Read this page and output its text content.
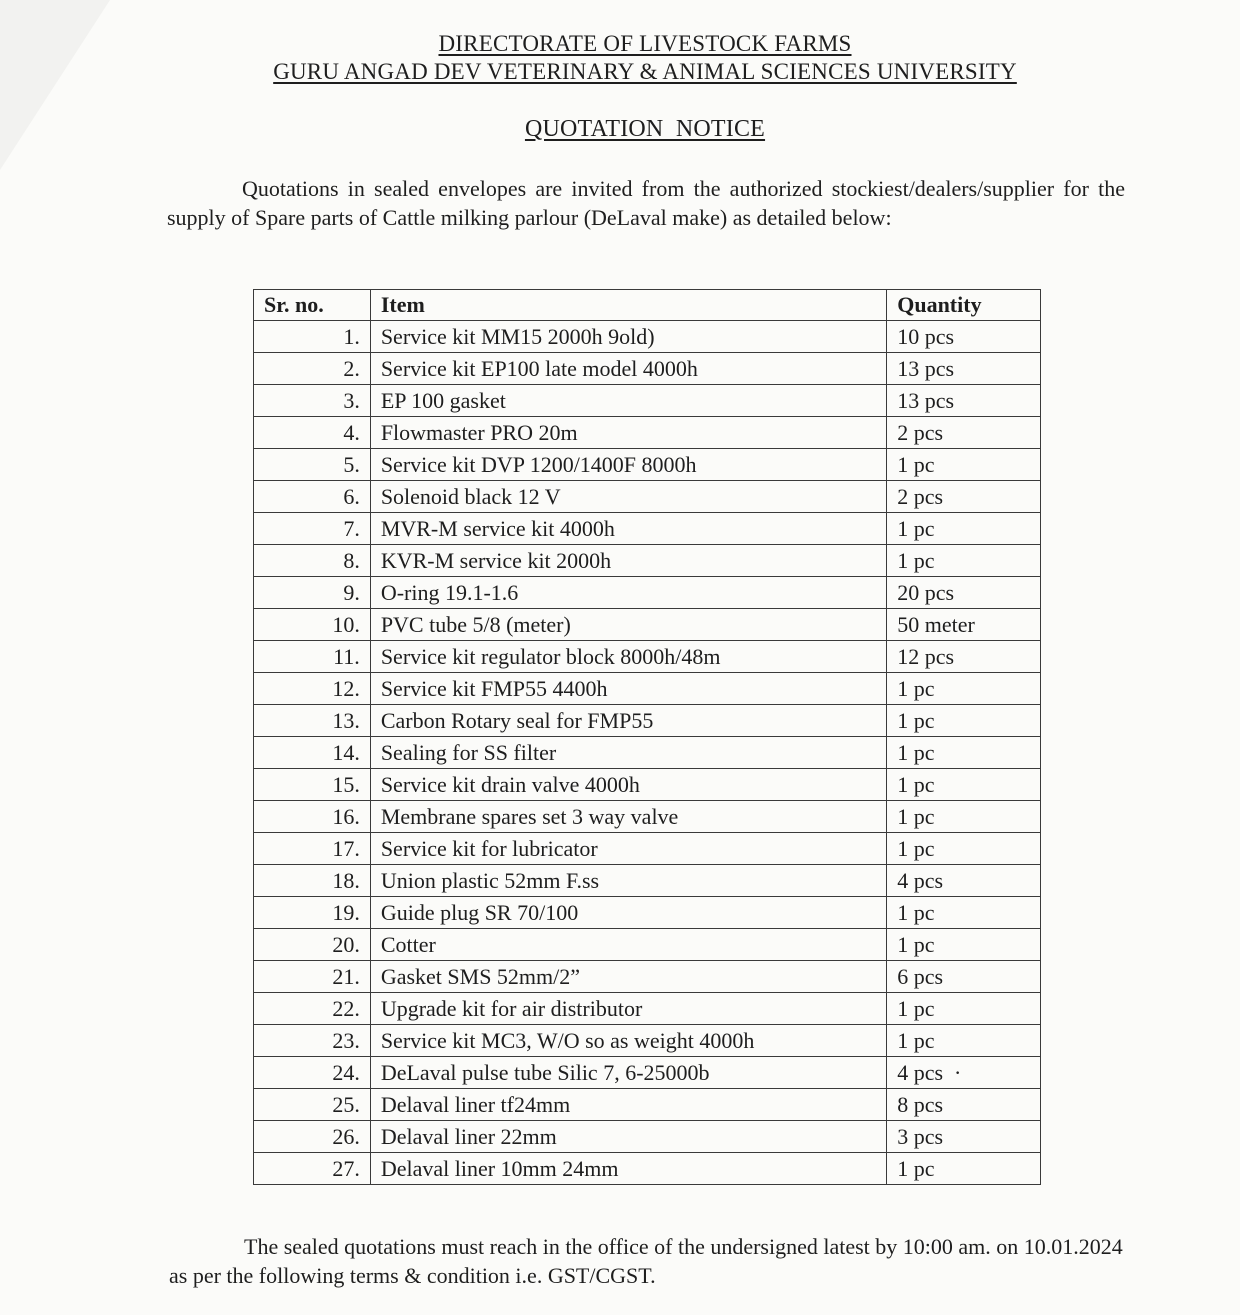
DIRECTORATE OF LIVESTOCK FARMS
GURU ANGAD DEV VETERINARY & ANIMAL SCIENCES UNIVERSITY
QUOTATION  NOTICE
Quotations in sealed envelopes are invited from the authorized stockiest/dealers/supplier for the supply of Spare parts of Cattle milking parlour (DeLaval make) as detailed below:
Sr. no.	Item	Quantity
1.	Service kit MM15 2000h 9old)	10 pcs
2.	Service kit EP100 late model 4000h	13 pcs
3.	EP 100 gasket	13 pcs
4.	Flowmaster PRO 20m	2 pcs
5.	Service kit DVP 1200/1400F 8000h	1 pc
6.	Solenoid black 12 V	2 pcs
7.	MVR-M service kit 4000h	1 pc
8.	KVR-M service kit 2000h	1 pc
9.	O-ring 19.1-1.6	20 pcs
10.	PVC tube 5/8 (meter)	50 meter
11.	Service kit regulator block 8000h/48m	12 pcs
12.	Service kit FMP55 4400h	1 pc
13.	Carbon Rotary seal for FMP55	1 pc
14.	Sealing for SS filter	1 pc
15.	Service kit drain valve 4000h	1 pc
16.	Membrane spares set 3 way valve	1 pc
17.	Service kit for lubricator	1 pc
18.	Union plastic 52mm F.ss	4 pcs
19.	Guide plug SR 70/100	1 pc
20.	Cotter	1 pc
21.	Gasket SMS 52mm/2”	6 pcs
22.	Upgrade kit for air distributor	1 pc
23.	Service kit MC3, W/O so as weight 4000h	1 pc
24.	DeLaval pulse tube Silic 7, 6-25000b	4 pcs  ·
25.	Delaval liner tf24mm	8 pcs
26.	Delaval liner 22mm	3 pcs
27.	Delaval liner 10mm 24mm	1 pc
The sealed quotations must reach in the office of the undersigned latest by 10:00 am. on 10.01.2024 as per the following terms & condition i.e. GST/CGST.
